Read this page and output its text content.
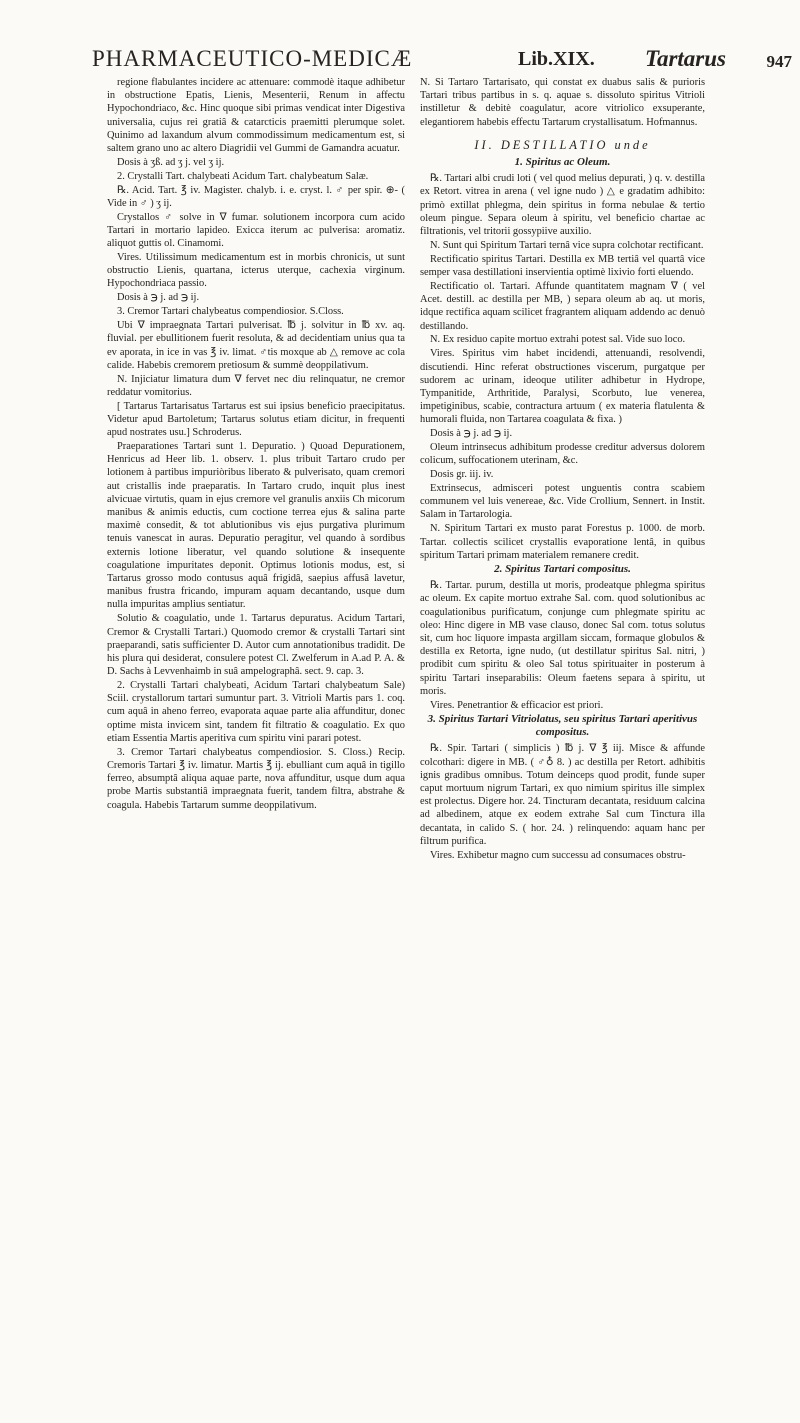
PHARMACEUTICO-MEDICÆ	Lib.XIX. Tartarus 947

regione flabulantes incidere ac attenuare: commodè itaque adhibetur in obstructione Epatis, Lienis, Mesenterii, Renum in affectu Hypochondriaco, &c. Hinc quoque sibi primas vendicat inter Digestiva universalia, cujus rei gratiâ & catarcticis praemitti plerumque solet. Quinimo ad laxandum alvum commodissimum medicamentum est, si saltem grano uno ac altero Diagridii vel Gummi de Gamandra acuatur.

Dosis à ʒß. ad ʒ j. vel ʒ ij.

2. Crystalli Tart. chalybeati Acidum Tart. chalybeatum Salæ.

℞. Acid. Tart. ℥ iv. Magister. chalyb. i. e. cryst. l. ♂ per spir. ⊕- ( Vide in ♂ ) ʒ ij.

Crystallos ♂ solve in ∇ fumar. solutionem incorpora cum acido Tartari in mortario lapideo. Exicca iterum ac pulverisa: aromatiz. aliquot guttis ol. Cinamomi.

Vires. Utilissimum medicamentum est in morbis chronicis, ut sunt obstructio Lienis, quartana, icterus uterque, cachexia virginum. Hypochondriaca passio.

Dosis à ℈ j. ad ℈ ij.

3. Cremor Tartari chalybeatus compendiosior. S.Closs.

Ubi ∇ impraegnata Tartari pulverisat. ℔ j. solvitur in ℔ xv. aq. fluvial. per ebullitionem fuerit resoluta, & ad decidentiam unius qua ta ev aporata, in ice in vas ℥ iv. limat. ♂tis moxque ab △ remove ac cola calide. Habebis cremorem pretiosum & summè deoppilativum.

N. Injiciatur limatura dum ∇ fervet nec diu relinquatur, ne cremor reddatur vomitorius.

[ Tartarus Tartarisatus Tartarus est sui ipsius beneficio praecipitatus. Videtur apud Bartoletum; Tartarus solutus etiam dicitur, in frequenti apud nostrates usu.] Schroderus.

Praeparationes Tartari sunt 1. Depuratio. ) Quoad Depurationem, Henricus ad Heer lib. 1. observ. 1. plus tribuit Tartaro crudo per lotionem à partibus impuriòribus liberato & pulverisato, quam cremori aut cristallis inde praeparatis. In Tartaro crudo, inquit plus inest alvicuae virtutis, quam in ejus cremore vel granulis anxiis Ch micorum manibus & animis eductis, cum coctione terrea ejus & salina parte maximè consedit, & tot ablutionibus vis ejus purgativa plurimum tenuis vanescat in auras. Depuratio peragitur, vel quando à sordibus externis lotione liberatur, vel quando solutione & insequente coagulatione impuritates deponit. Optimus lotionis modus, est, si Tartarus grosso modo contusus aquâ frigidâ, saepius affusâ lavetur, manibus frustra fricando, impuram aquam decantando, usque dum nulla impuritas amplius sentiatur.

Solutio & coagulatio, unde 1. Tartarus depuratus. Acidum Tartari, Cremor & Crystalli Tartari.) Quomodo cremor & crystalli Tartari sint praeparandi, satis sufficienter D. Autor cum annotationibus tradidit. De his plura qui desiderat, consulere potest Cl. Zwelferum in A.ad P. A. & D. Sachs à Levvenhaimb in suâ ampelographâ. sect. 9. cap. 3.

2. Crystalli Tartari chalybeati, Acidum Tartari chalybeatum Sale) Sciil. crystallorum tartari sumuntur part. 3. Vitrioli Martis pars 1. coq. cum aquâ in aheno ferreo, evaporata aquae parte alia affunditur, donec optime mista invicem sint, tandem fit filtratio & coagulatio. Ex quo etiam Essentia Martis aperitiva cum spiritu vini parari potest.

3. Cremor Tartari chalybeatus compendiosior. S. Closs.) Recip. Cremoris Tartari ℥ iv. limatur. Martis ℥ ij. ebulliant cum aquâ in tigillo ferreo, absumptâ aliqua aquae parte, nova affunditur, usque dum aqua probe Martis substantiâ impraegnata fuerit, tandem filtra, abstrahe & coagula. Habebis Tartarum summe deoppilativum.

N. Si Tartaro Tartarisato, qui constat ex duabus salis & purioris Tartari tribus partibus in s. q. aquae s. dissoluto spiritus Vitrioli instilletur & debitè coagulatur, acore vitriolico exsuperante, elegantiorem habebis effectu Tartarum crystallisatum. Hofmannus.

II. DESTILLATIO unde
1. Spiritus ac Oleum.

℞. Tartari albi crudi loti ( vel quod melius depurati, ) q. v. destilla ex Retort. vitrea in arena ( vel igne nudo ) △ e gradatim adhibito: primò extillat phlegma, dein spiritus in forma nebulae & tertio oleum pingue. Separa oleum à spiritu, vel beneficio chartae ac filtrationis, vel tritorii gossypiive auxilio.

N. Sunt qui Spiritum Tartari ternâ vice supra colchotar rectificant.

Rectificatio spiritus Tartari. Destilla ex MB tertiâ vel quartâ vice semper vasa destillationi inservientia optimè lixivio forti eluendo.

Rectificatio ol. Tartari. Affunde quantitatem magnam ∇ ( vel Acet. destill. ac destilla per MB, ) separa oleum ab aq. ut moris, idque rectifica aquam scilicet fragrantem aliquam addendo ac denuò destillando.

N. Ex residuo capite mortuo extrahi potest sal. Vide suo loco.

Vires. Spiritus vim habet incidendi, attenuandi, resolvendi, discutiendi. Hinc referat obstructiones viscerum, purgatque per sudorem ac urinam, ideoque utiliter adhibetur in Hydrope, Tympanitide, Arthritide, Paralysi, Scorbuto, lue venerea, impetiginibus, scabie, contractura artuum ( ex materia flatulenta & humorali fluida, non Tartarea coagulata & fixa. )

Dosis à ℈ j. ad ℈ ij.

Oleum intrinsecus adhibitum prodesse creditur adversus dolorem colicum, suffocationem uterinam, &c.

Dosis gr. iij. iv.

Extrinsecus, admisceri potest unguentis contra scabiem communem vel luis venereae, &c. Vide Crollium, Sennert. in Instit. Salam in Tartarologia.

N. Spiritum Tartari ex musto parat Forestus p. 1000. de morb. Tartar. collectis scilicet crystallis evaporatione lentâ, in quibus spiritum Tartari primam materialem remanere credit.

2. Spiritus Tartari compositus.

℞. Tartar. purum, destilla ut moris, prodeatque phlegma spiritus ac oleum. Ex capite mortuo extrahe Sal. com. quod solutionibus ac coagulationibus purificatum, conjunge cum phlegmate spiritu ac oleo: Hinc digere in MB vase clauso, donec Sal com. totus solutus sit, cum hoc liquore impasta argillam siccam, formaque globulos & destilla ex Retorta, igne nudo, (ut destillatur spiritus Sal. nitri, ) prodibit cum spiritu & oleo Sal totus spirituaiter in posterum à spiritu Tartari inseparabilis: Oleum faetens separa à spiritu, ut moris.

Vires. Penetrantior & efficacior est priori.

3. Spiritus Tartari Vitriolatus, seu spiritus Tartari aperitivus compositus.

℞. Spir. Tartari ( simplicis ) ℔ j. ∇ ℥ iij. Misce & affunde colcothari: digere in MB. ( ♂♁ 8. ) ac destilla per Retort. adhibitis ignis gradibus omnibus. Totum deinceps quod prodit, funde super caput mortuum nigrum Tartari, ex quo nimium spiritus ille simplex est prolectus. Digere hor. 24. Tincturam decantata, residuum calcina ad albedinem, atque ex eodem extrahe Sal cum Tinctura illa decantata, in calido S. ( hor. 24. ) relinquendo: aquam hanc per filtrum purifica.

Vires. Exhibetur magno cum successu ad consumaces obstru-
